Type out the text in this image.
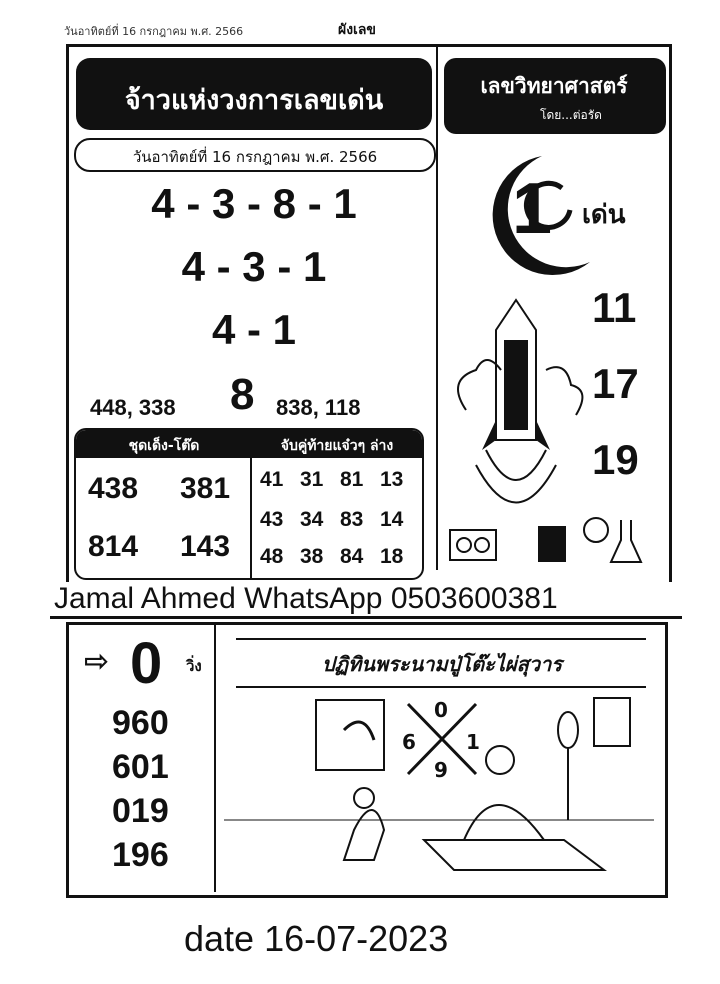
วันอาทิตย์ที่ 16 กรกฎาคม พ.ศ. 2566	ผังเลข
จ้าวแห่งวงการเลขเด่น
วันอาทิตย์ที่ 16 กรกฎาคม พ.ศ. 2566
4 - 3 - 8 - 1
4 - 3 - 1
4 - 1
448, 338 8 838, 118
ชุดเด็ง-โต๊ด	จับคู่ท้ายแจ๋วๆ ล่าง
438 381
814 143
41 31 81 13
43 34 83 14
48 38 84 18
เลขวิทยาศาสตร์
โดย...ต่อรัด
1 เด่น
11
17
19
Jamal Ahmed WhatsApp 0503600381
⇨ 0 วิ่ง
960
601
019
196
ปฏิทินพระนามปู่โต๊ะไผ่สุวาร
0
6	1
9
date 16-07-2023
